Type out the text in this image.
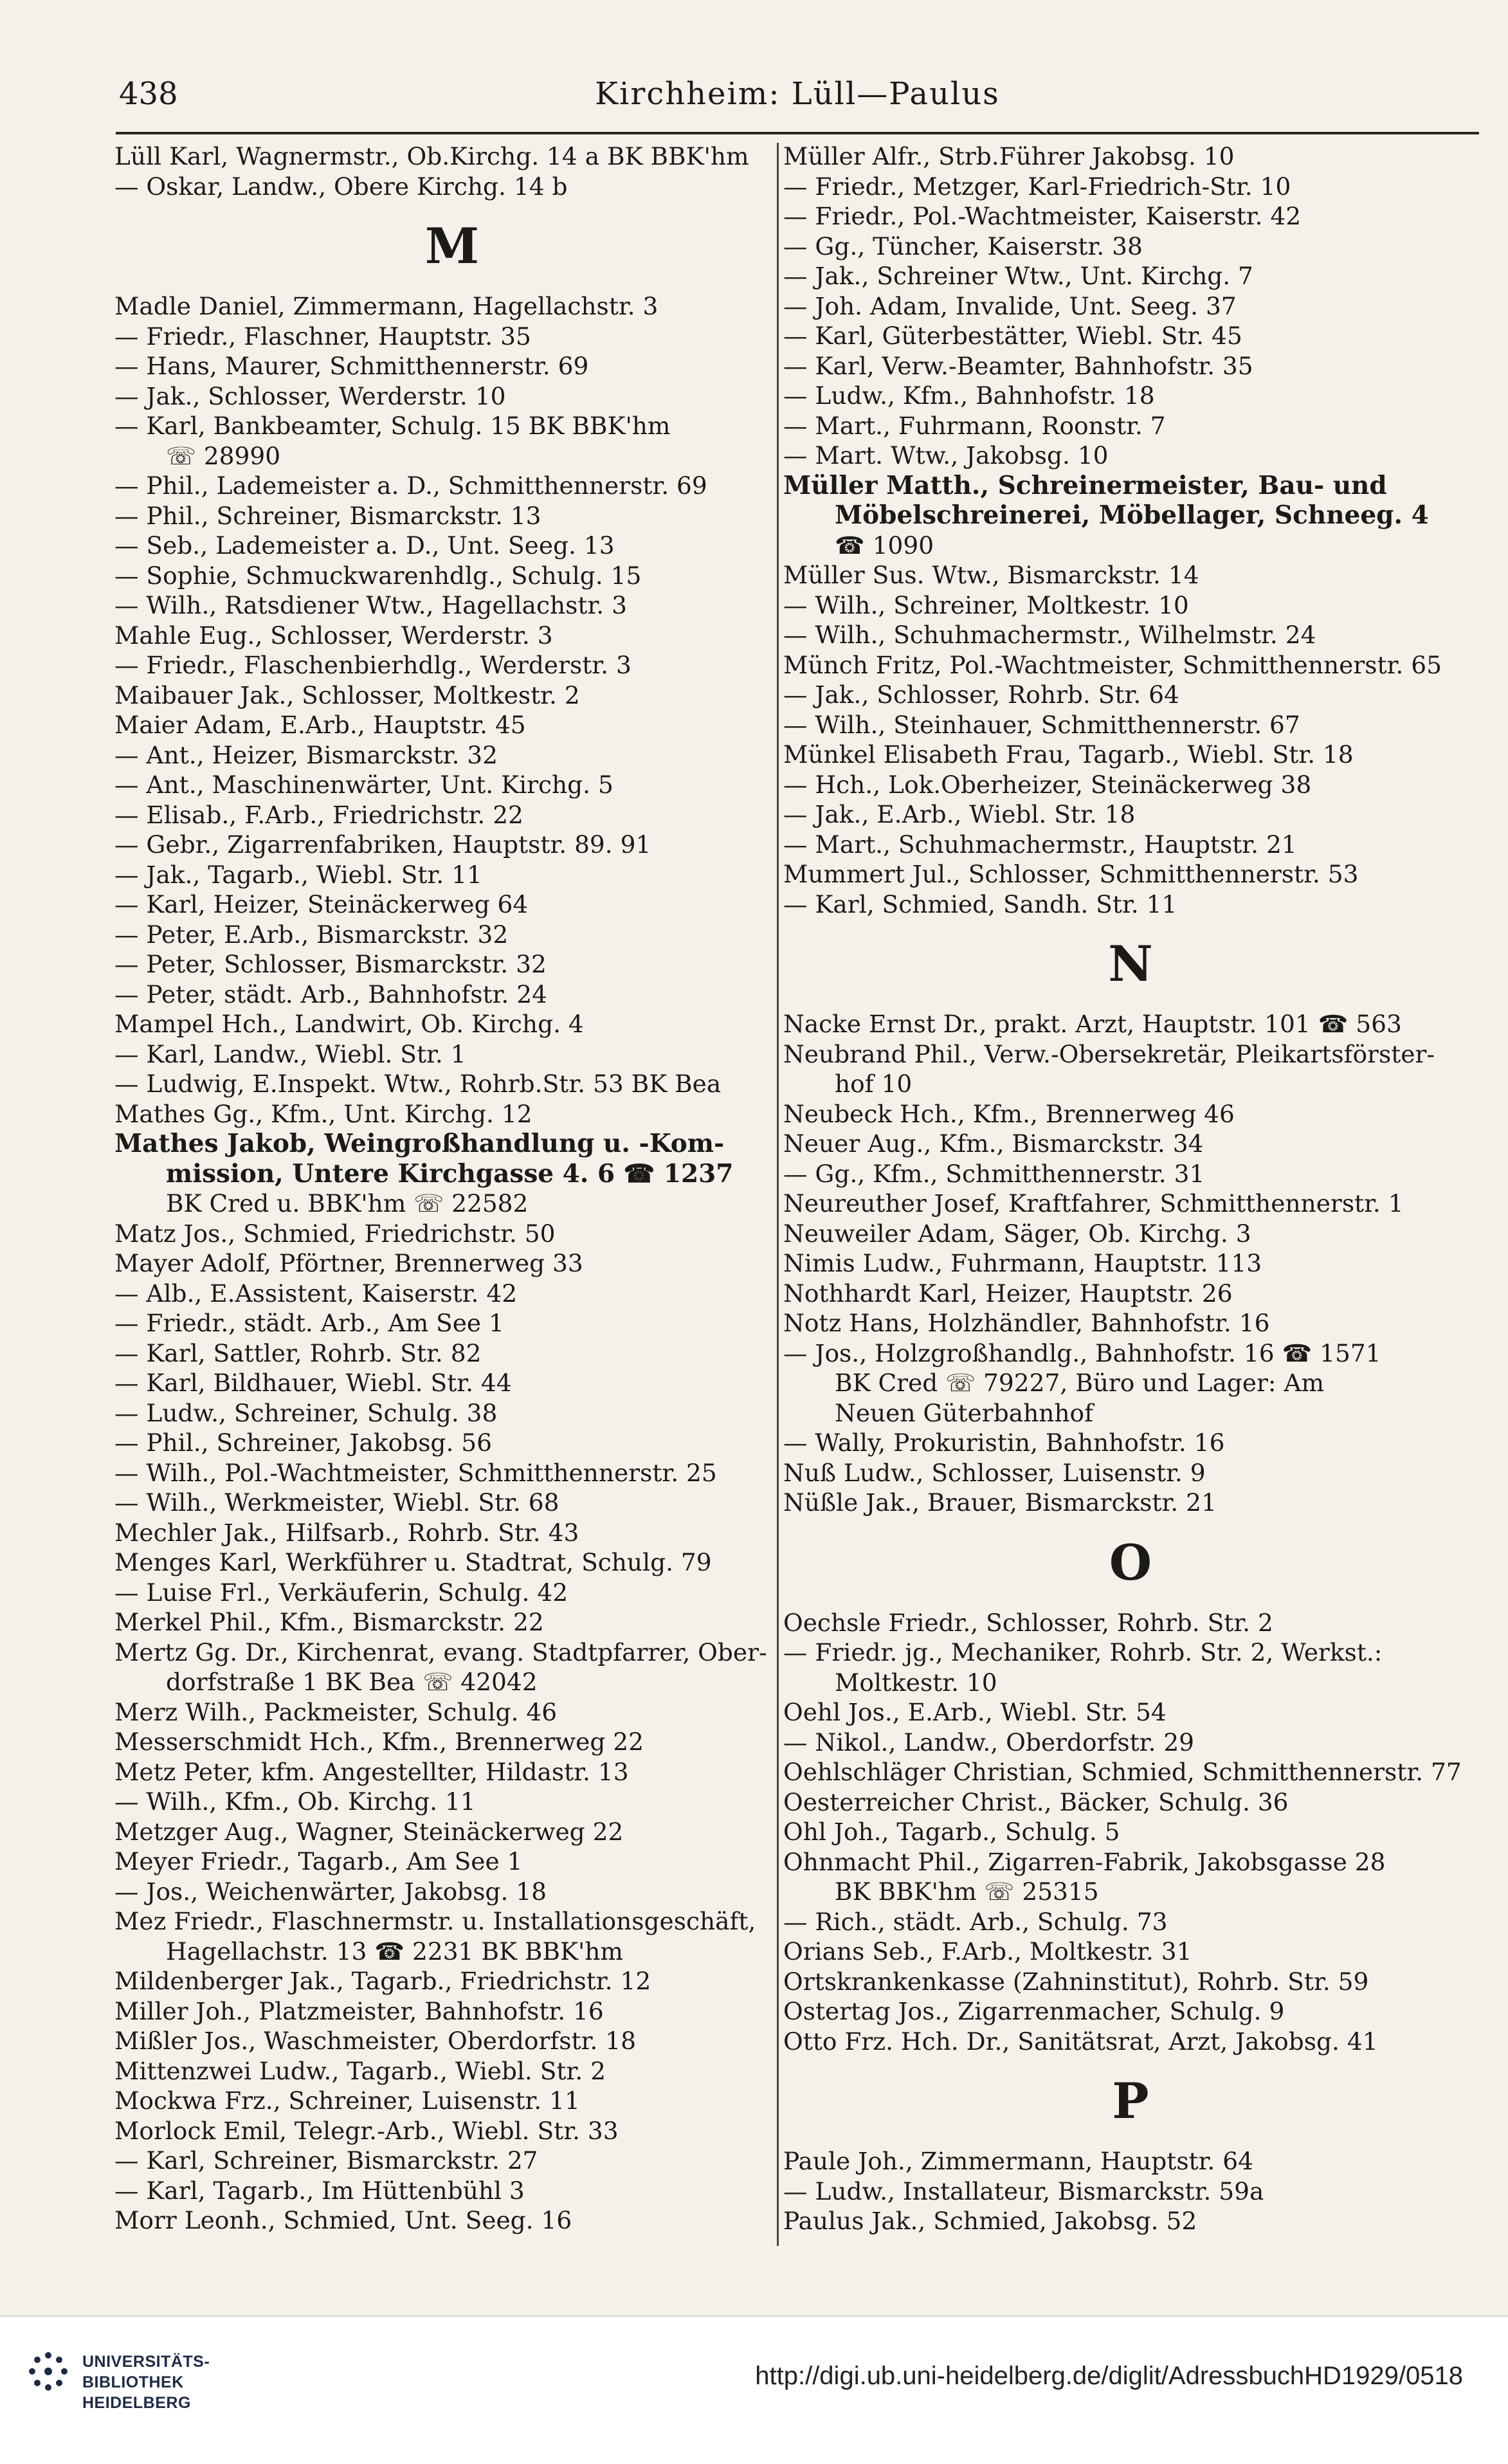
438	Kirchheim: Lüll—Paulus
Lüll Karl, Wagnermstr., Ob.Kirchg. 14 a BK BBK'hm
— Oskar, Landw., Obere Kirchg. 14 b
M
Madle Daniel, Zimmermann, Hagellachstr. 3
— Friedr., Flaschner, Hauptstr. 35
— Hans, Maurer, Schmitthennerstr. 69
— Jak., Schlosser, Werderstr. 10
— Karl, Bankbeamter, Schulg. 15 BK BBK'hm
☏ 28990
— Phil., Lademeister a. D., Schmitthennerstr. 69
— Phil., Schreiner, Bismarckstr. 13
— Seb., Lademeister a. D., Unt. Seeg. 13
— Sophie, Schmuckwarenhdlg., Schulg. 15
— Wilh., Ratsdiener Wtw., Hagellachstr. 3
Mahle Eug., Schlosser, Werderstr. 3
— Friedr., Flaschenbierhdlg., Werderstr. 3
Maibauer Jak., Schlosser, Moltkestr. 2
Maier Adam, E.Arb., Hauptstr. 45
— Ant., Heizer, Bismarckstr. 32
— Ant., Maschinenwärter, Unt. Kirchg. 5
— Elisab., F.Arb., Friedrichstr. 22
— Gebr., Zigarrenfabriken, Hauptstr. 89. 91
— Jak., Tagarb., Wiebl. Str. 11
— Karl, Heizer, Steinäckerweg 64
— Peter, E.Arb., Bismarckstr. 32
— Peter, Schlosser, Bismarckstr. 32
— Peter, städt. Arb., Bahnhofstr. 24
Mampel Hch., Landwirt, Ob. Kirchg. 4
— Karl, Landw., Wiebl. Str. 1
— Ludwig, E.Inspekt. Wtw., Rohrb.Str. 53 BK Bea
Mathes Gg., Kfm., Unt. Kirchg. 12
Mathes Jakob, Weingroßhandlung u. -Kom-
mission, Untere Kirchgasse 4. 6 ☎ 1237
BK Cred u. BBK'hm ☏ 22582
Matz Jos., Schmied, Friedrichstr. 50
Mayer Adolf, Pförtner, Brennerweg 33
— Alb., E.Assistent, Kaiserstr. 42
— Friedr., städt. Arb., Am See 1
— Karl, Sattler, Rohrb. Str. 82
— Karl, Bildhauer, Wiebl. Str. 44
— Ludw., Schreiner, Schulg. 38
— Phil., Schreiner, Jakobsg. 56
— Wilh., Pol.-Wachtmeister, Schmitthennerstr. 25
— Wilh., Werkmeister, Wiebl. Str. 68
Mechler Jak., Hilfsarb., Rohrb. Str. 43
Menges Karl, Werkführer u. Stadtrat, Schulg. 79
— Luise Frl., Verkäuferin, Schulg. 42
Merkel Phil., Kfm., Bismarckstr. 22
Mertz Gg. Dr., Kirchenrat, evang. Stadtpfarrer, Ober-
dorfstraße 1 BK Bea ☏ 42042
Merz Wilh., Packmeister, Schulg. 46
Messerschmidt Hch., Kfm., Brennerweg 22
Metz Peter, kfm. Angestellter, Hildastr. 13
— Wilh., Kfm., Ob. Kirchg. 11
Metzger Aug., Wagner, Steinäckerweg 22
Meyer Friedr., Tagarb., Am See 1
— Jos., Weichenwärter, Jakobsg. 18
Mez Friedr., Flaschnermstr. u. Installationsgeschäft,
Hagellachstr. 13 ☎ 2231 BK BBK'hm
Mildenberger Jak., Tagarb., Friedrichstr. 12
Miller Joh., Platzmeister, Bahnhofstr. 16
Mißler Jos., Waschmeister, Oberdorfstr. 18
Mittenzwei Ludw., Tagarb., Wiebl. Str. 2
Mockwa Frz., Schreiner, Luisenstr. 11
Morlock Emil, Telegr.-Arb., Wiebl. Str. 33
— Karl, Schreiner, Bismarckstr. 27
— Karl, Tagarb., Im Hüttenbühl 3
Morr Leonh., Schmied, Unt. Seeg. 16
Müller Alfr., Strb.Führer Jakobsg. 10
— Friedr., Metzger, Karl-Friedrich-Str. 10
— Friedr., Pol.-Wachtmeister, Kaiserstr. 42
— Gg., Tüncher, Kaiserstr. 38
— Jak., Schreiner Wtw., Unt. Kirchg. 7
— Joh. Adam, Invalide, Unt. Seeg. 37
— Karl, Güterbestätter, Wiebl. Str. 45
— Karl, Verw.-Beamter, Bahnhofstr. 35
— Ludw., Kfm., Bahnhofstr. 18
— Mart., Fuhrmann, Roonstr. 7
— Mart. Wtw., Jakobsg. 10
Müller Matth., Schreinermeister, Bau- und
Möbelschreinerei, Möbellager, Schneeg. 4
☎ 1090
Müller Sus. Wtw., Bismarckstr. 14
— Wilh., Schreiner, Moltkestr. 10
— Wilh., Schuhmachermstr., Wilhelmstr. 24
Münch Fritz, Pol.-Wachtmeister, Schmitthennerstr. 65
— Jak., Schlosser, Rohrb. Str. 64
— Wilh., Steinhauer, Schmitthennerstr. 67
Münkel Elisabeth Frau, Tagarb., Wiebl. Str. 18
— Hch., Lok.Oberheizer, Steinäckerweg 38
— Jak., E.Arb., Wiebl. Str. 18
— Mart., Schuhmachermstr., Hauptstr. 21
Mummert Jul., Schlosser, Schmitthennerstr. 53
— Karl, Schmied, Sandh. Str. 11
N
Nacke Ernst Dr., prakt. Arzt, Hauptstr. 101 ☎ 563
Neubrand Phil., Verw.-Obersekretär, Pleikartsförster-
hof 10
Neubeck Hch., Kfm., Brennerweg 46
Neuer Aug., Kfm., Bismarckstr. 34
— Gg., Kfm., Schmitthennerstr. 31
Neureuther Josef, Kraftfahrer, Schmitthennerstr. 1
Neuweiler Adam, Säger, Ob. Kirchg. 3
Nimis Ludw., Fuhrmann, Hauptstr. 113
Nothhardt Karl, Heizer, Hauptstr. 26
Notz Hans, Holzhändler, Bahnhofstr. 16
— Jos., Holzgroßhandlg., Bahnhofstr. 16 ☎ 1571
BK Cred ☏ 79227, Büro und Lager: Am
Neuen Güterbahnhof
— Wally, Prokuristin, Bahnhofstr. 16
Nuß Ludw., Schlosser, Luisenstr. 9
Nüßle Jak., Brauer, Bismarckstr. 21
O
Oechsle Friedr., Schlosser, Rohrb. Str. 2
— Friedr. jg., Mechaniker, Rohrb. Str. 2, Werkst.:
Moltkestr. 10
Oehl Jos., E.Arb., Wiebl. Str. 54
— Nikol., Landw., Oberdorfstr. 29
Oehlschläger Christian, Schmied, Schmitthennerstr. 77
Oesterreicher Christ., Bäcker, Schulg. 36
Ohl Joh., Tagarb., Schulg. 5
Ohnmacht Phil., Zigarren-Fabrik, Jakobsgasse 28
BK BBK'hm ☏ 25315
— Rich., städt. Arb., Schulg. 73
Orians Seb., F.Arb., Moltkestr. 31
Ortskrankenkasse (Zahninstitut), Rohrb. Str. 59
Ostertag Jos., Zigarrenmacher, Schulg. 9
Otto Frz. Hch. Dr., Sanitätsrat, Arzt, Jakobsg. 41
P
Paule Joh., Zimmermann, Hauptstr. 64
— Ludw., Installateur, Bismarckstr. 59a
Paulus Jak., Schmied, Jakobsg. 52
UNIVERSITÄTS-
BIBLIOTHEK
HEIDELBERG
http://digi.ub.uni-heidelberg.de/diglit/AdressbuchHD1929/0518
